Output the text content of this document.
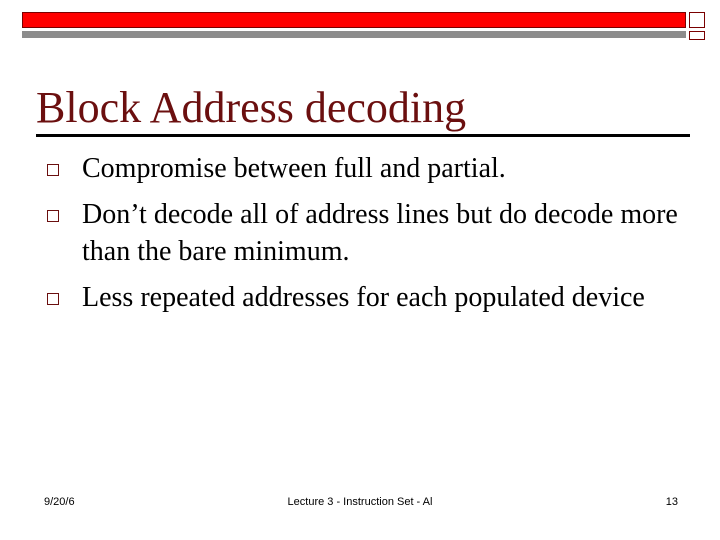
Block Address decoding
Compromise between full and partial.
Don’t decode all of address lines but do decode more than the bare minimum.
Less repeated addresses for each populated device
9/20/6	Lecture 3 - Instruction Set - Al	13
